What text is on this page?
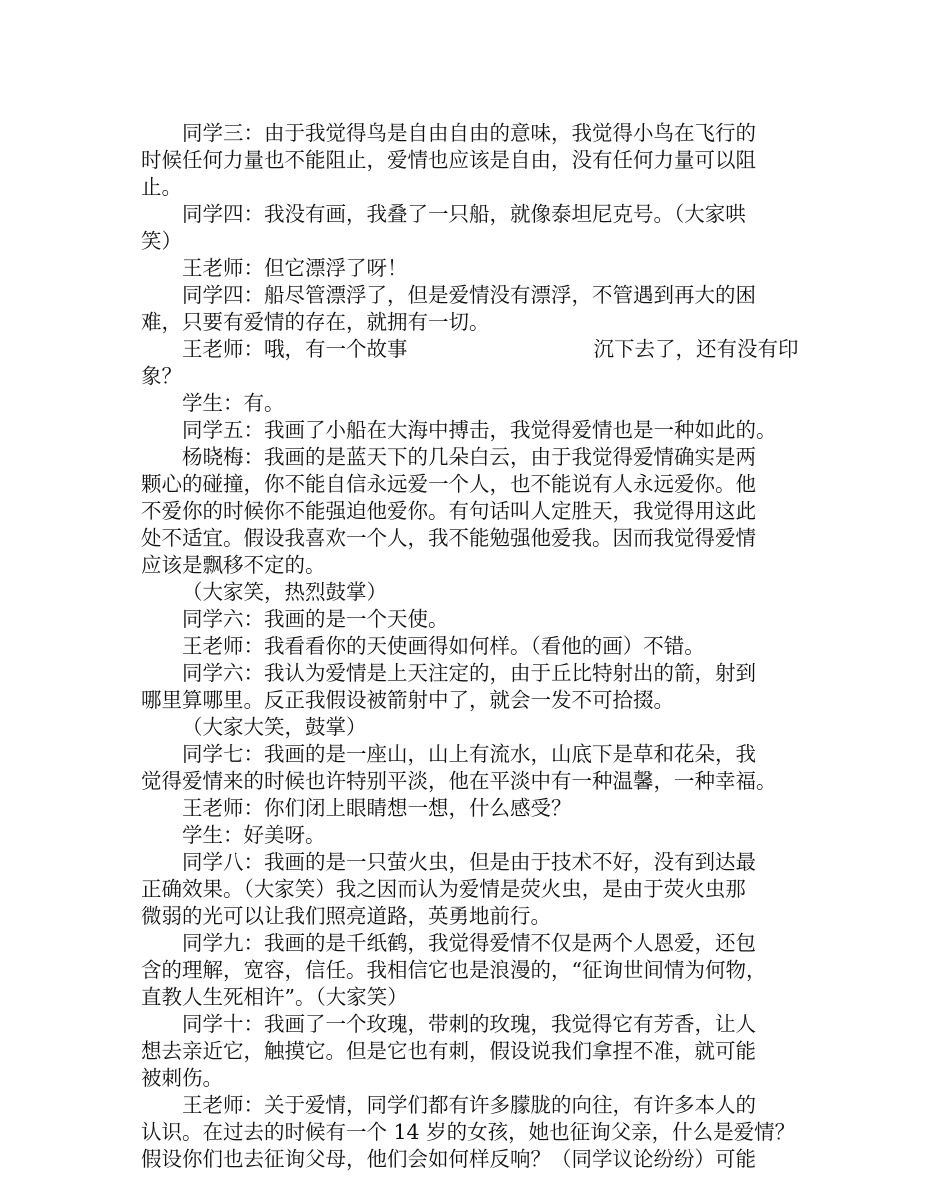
同学三：由于我觉得鸟是自由自由的意味，我觉得小鸟在飞行的
时候任何力量也不能阻止，爱情也应该是自由，没有任何力量可以阻
止。
同学四：我没有画，我叠了一只船，就像泰坦尼克号。（大家哄
笑）
王老师：但它漂浮了呀！
同学四：船尽管漂浮了，但是爱情没有漂浮，不管遇到再大的困
难，只要有爱情的存在，就拥有一切。
王老师：哦，有一个故事	沉下去了，还有没有印
象？
学生：有。
同学五：我画了小船在大海中搏击，我觉得爱情也是一种如此的。
杨晓梅：我画的是蓝天下的几朵白云，由于我觉得爱情确实是两
颗心的碰撞，你不能自信永远爱一个人，也不能说有人永远爱你。他
不爱你的时候你不能强迫他爱你。有句话叫人定胜天，我觉得用这此
处不适宜。假设我喜欢一个人，我不能勉强他爱我。因而我觉得爱情
应该是飘移不定的。
（大家笑，热烈鼓掌）
同学六：我画的是一个天使。
王老师：我看看你的天使画得如何样。（看他的画）不错。
同学六：我认为爱情是上天注定的，由于丘比特射出的箭，射到
哪里算哪里。反正我假设被箭射中了，就会一发不可拾掇。
（大家大笑，鼓掌）
同学七：我画的是一座山，山上有流水，山底下是草和花朵，我
觉得爱情来的时候也许特别平淡，他在平淡中有一种温馨，一种幸福。
王老师：你们闭上眼睛想一想，什么感受？
学生：好美呀。
同学八：我画的是一只萤火虫，但是由于技术不好，没有到达最
正确效果。（大家笑）我之因而认为爱情是荧火虫，是由于荧火虫那
微弱的光可以让我们照亮道路，英勇地前行。
同学九：我画的是千纸鹤，我觉得爱情不仅是两个人恩爱，还包
含的理解，宽容，信任。我相信它也是浪漫的，“征询世间情为何物，
直教人生死相许”。（大家笑）
同学十：我画了一个玫瑰，带刺的玫瑰，我觉得它有芳香，让人
想去亲近它，触摸它。但是它也有刺，假设说我们拿捏不准，就可能
被刺伤。
王老师：关于爱情，同学们都有许多朦胧的向往，有许多本人的
认识。在过去的时候有一个 14 岁的女孩，她也征询父亲，什么是爱情？
假设你们也去征询父母，他们会如何样反响？（同学议论纷纷）可能
